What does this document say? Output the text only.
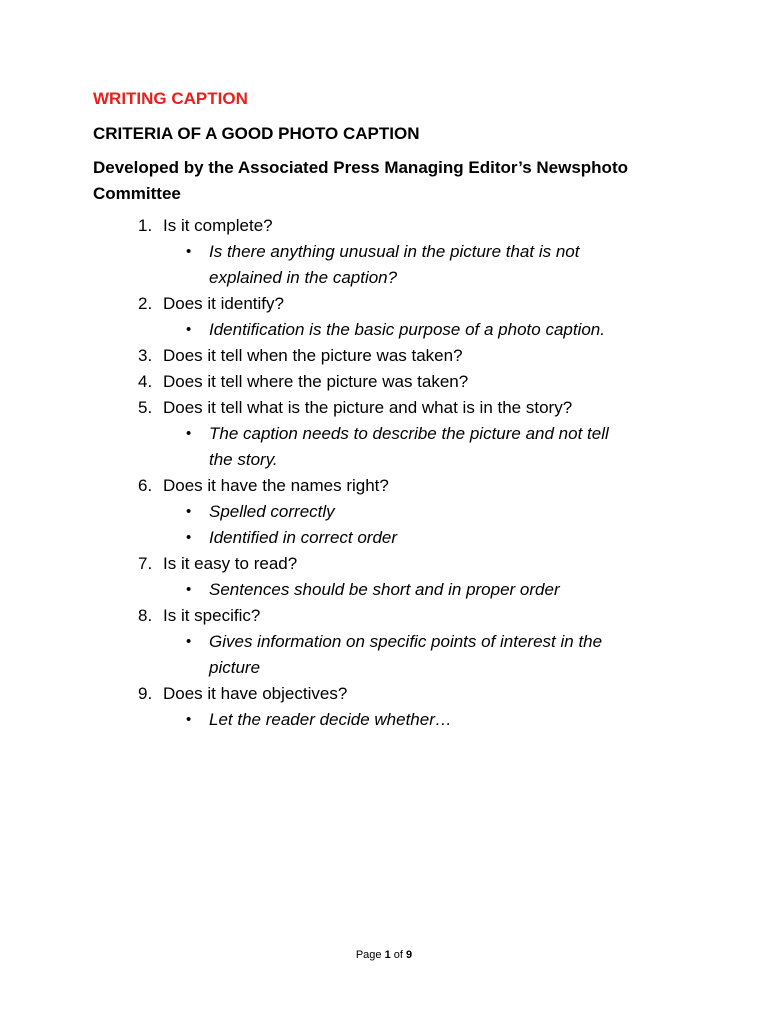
WRITING CAPTION
CRITERIA OF A GOOD PHOTO CAPTION
Developed by the Associated Press Managing Editor’s Newsphoto Committee
1. Is it complete?
• Is there anything unusual in the picture that is not explained in the caption?
2. Does it identify?
• Identification is the basic purpose of a photo caption.
3. Does it tell when the picture was taken?
4. Does it tell where the picture was taken?
5. Does it tell what is the picture and what is in the story?
• The caption needs to describe the picture and not tell the story.
6. Does it have the names right?
• Spelled correctly
• Identified in correct order
7. Is it easy to read?
• Sentences should be short and in proper order
8. Is it specific?
• Gives information on specific points of interest in the picture
9. Does it have objectives?
• Let the reader decide whether…
Page 1 of 9
